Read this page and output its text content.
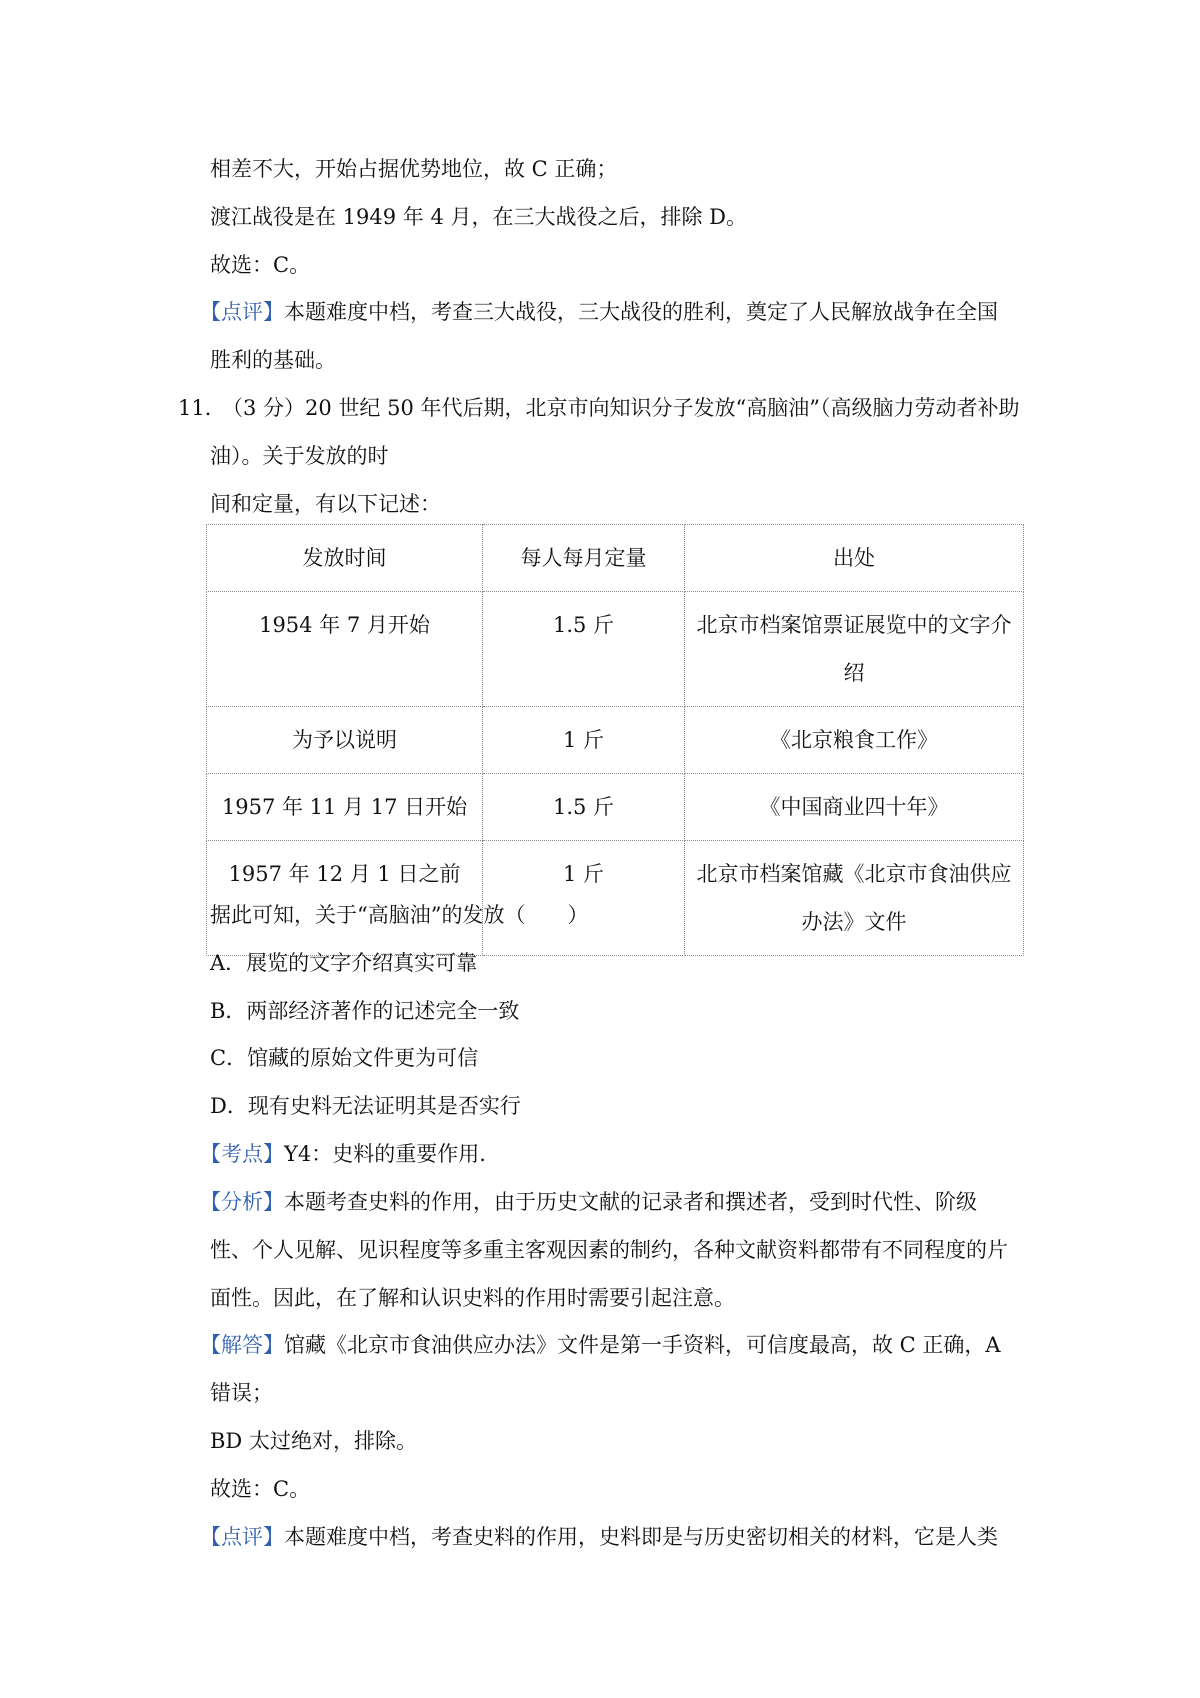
相差不大，开始占据优势地位，故 C 正确；
渡江战役是在 1949 年 4 月，在三大战役之后，排除 D。
故选：C。
【点评】本题难度中档，考查三大战役，三大战役的胜利，奠定了人民解放战争在全国
胜利的基础。
11．
（3 分）20 世纪 50 年代后期，北京市向知识分子发放“高脑油”（高级脑力劳动者补助
油）。关于发放的时
间和定量，有以下记述：
发放时间	每人每月定量	出处
1954 年 7 月开始	1.5 斤	北京市档案馆票证展览中的文字介绍
为予以说明	1 斤	《北京粮食工作》
1957 年 11 月 17 日开始	1.5 斤	《中国商业四十年》
1957 年 12 月 1 日之前	1 斤	北京市档案馆藏《北京市食油供应办法》文件
据此可知，关于“高脑油”的发放（　　）
A．展览的文字介绍真实可靠
B．两部经济著作的记述完全一致
C．馆藏的原始文件更为可信
D．现有史料无法证明其是否实行
【考点】Y4：史料的重要作用.
【分析】本题考查史料的作用，由于历史文献的记录者和撰述者，受到时代性、阶级
性、个人见解、见识程度等多重主客观因素的制约，各种文献资料都带有不同程度的片
面性。因此，在了解和认识史料的作用时需要引起注意。
【解答】馆藏《北京市食油供应办法》文件是第一手资料，可信度最高，故 C 正确，A
错误；
BD 太过绝对，排除。
故选：C。
【点评】本题难度中档，考查史料的作用，史料即是与历史密切相关的材料，它是人类
